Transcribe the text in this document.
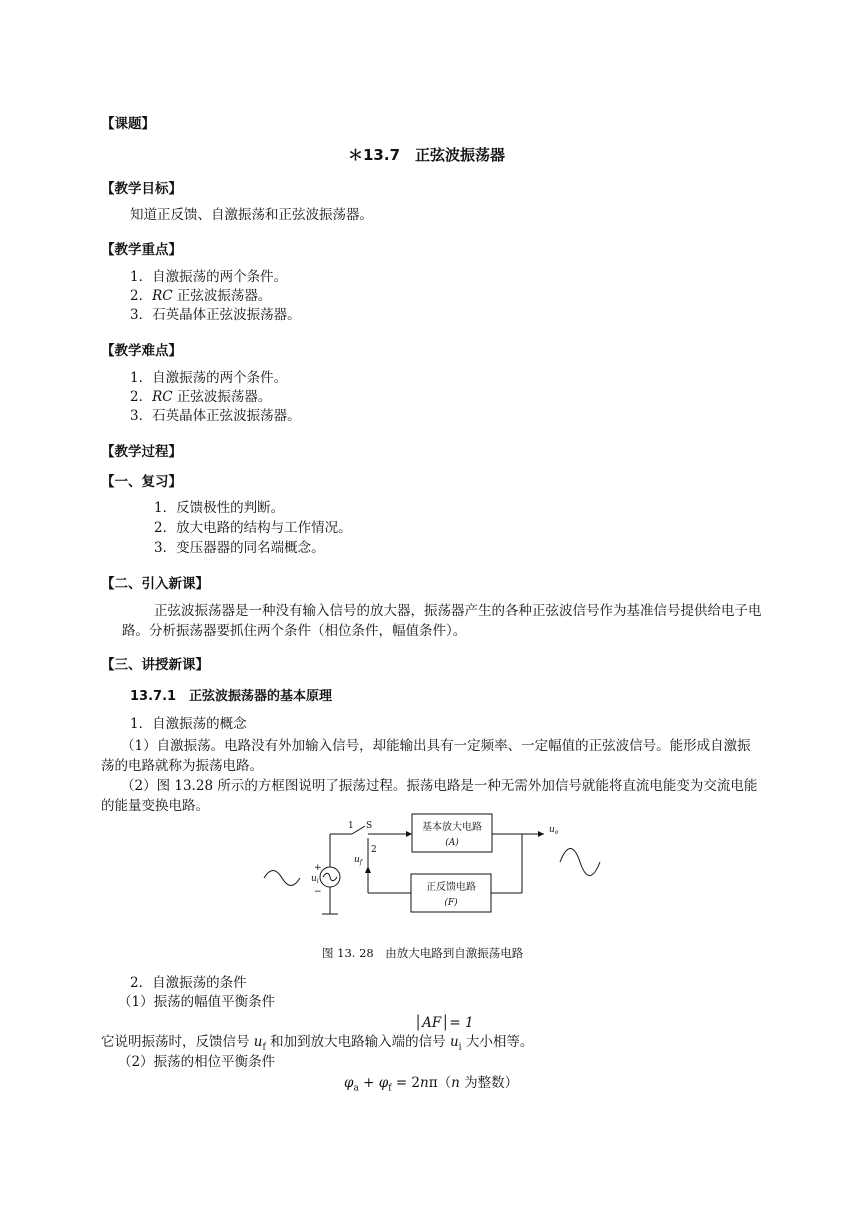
【课题】
＊13.7　正弦波振荡器
【教学目标】
知道正反馈、自激振荡和正弦波振荡器。
【教学重点】
1．自激振荡的两个条件。
2．RC 正弦波振荡器。
3．石英晶体正弦波振荡器。
【教学难点】
1．自激振荡的两个条件。
2．RC 正弦波振荡器。
3．石英晶体正弦波振荡器。
【教学过程】
【一、复习】
1．反馈极性的判断。
2．放大电路的结构与工作情况。
3．变压器器的同名端概念。
【二、引入新课】
正弦波振荡器是一种没有输入信号的放大器，振荡器产生的各种正弦波信号作为基准信号提供给电子电路。分析振荡器要抓住两个条件（相位条件，幅值条件）。
【三、讲授新课】
13.7.1　正弦波振荡器的基本原理
1．自激振荡的概念
（1）自激振荡。电路没有外加输入信号，却能输出具有一定频率、一定幅值的正弦波信号。能形成自激振荡的电路就称为振荡电路。
（2）图 13.28 所示的方框图说明了振荡过程。振荡电路是一种无需外加信号就能将直流电能变为交流电能的能量变换电路。
基本放大电路
(A)
正反馈电路
(F)
1 S
2
$u_f$
$u_i$
+
−
$u_o$
图 13. 28　由放大电路到自激振荡电路
2．自激振荡的条件
（1）振荡的幅值平衡条件
│AF│= 1
它说明振荡时，反馈信号 $u_f$ 和加到放大电路输入端的信号 $u_i$ 大小相等。
（2）振荡的相位平衡条件
$\varphi_a + \varphi_f = 2n\pi(n$ 为整数）
